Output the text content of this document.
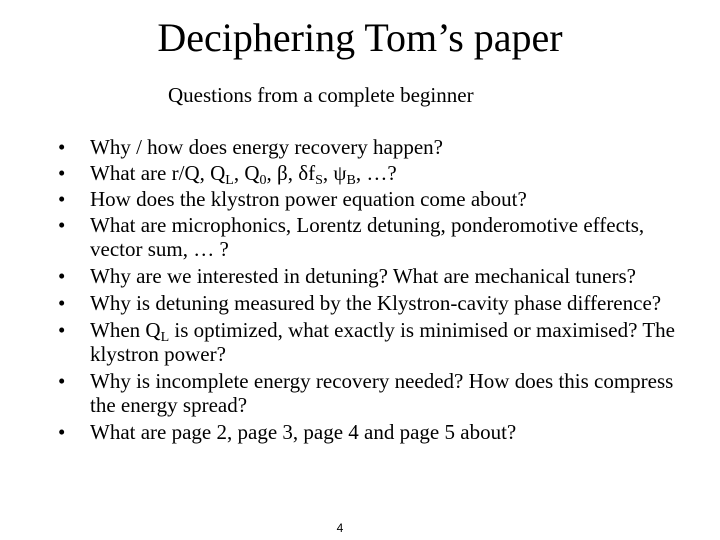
Deciphering Tom’s paper
Questions from a complete beginner
• Why / how does energy recovery happen?
• What are r/Q, $Q_L$, $Q_0$, β, $\delta f_S$, $\psi_B$, …?
• How does the klystron power equation come about?
• What are microphonics, Lorentz detuning, ponderomotive effects, vector sum, … ?
• Why are we interested in detuning? What are mechanical tuners?
• Why is detuning measured by the Klystron-cavity phase difference?
• When $Q_L$ is optimized, what exactly is minimised or maximised? The klystron power?
• Why is incomplete energy recovery needed? How does this compress the energy spread?
• What are page 2, page 3, page 4 and page 5 about?
4
